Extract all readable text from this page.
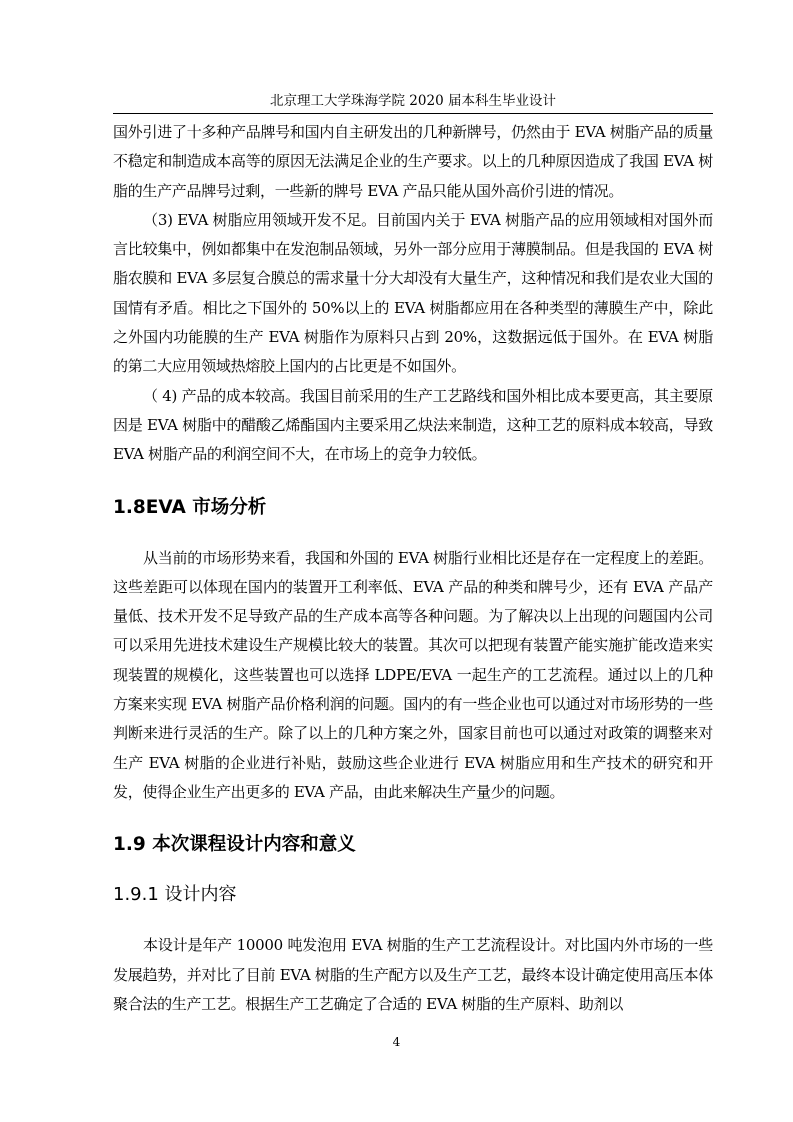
北京理工大学珠海学院 2020 届本科生毕业设计

国外引进了十多种产品牌号和国内自主研发出的几种新牌号，仍然由于 EVA 树脂产品的质量不稳定和制造成本高等的原因无法满足企业的生产要求。以上的几种原因造成了我国 EVA 树脂的生产产品牌号过剩，一些新的牌号 EVA 产品只能从国外高价引进的情况。

（3) EVA 树脂应用领域开发不足。目前国内关于 EVA 树脂产品的应用领域相对国外而言比较集中，例如都集中在发泡制品领域，另外一部分应用于薄膜制品。但是我国的 EVA 树脂农膜和 EVA 多层复合膜总的需求量十分大却没有大量生产，这种情况和我们是农业大国的国情有矛盾。相比之下国外的 50%以上的 EVA 树脂都应用在各种类型的薄膜生产中，除此之外国内功能膜的生产 EVA 树脂作为原料只占到 20%，这数据远低于国外。在 EVA 树脂的第二大应用领域热熔胶上国内的占比更是不如国外。

（ 4) 产品的成本较高。我国目前采用的生产工艺路线和国外相比成本要更高，其主要原因是 EVA 树脂中的醋酸乙烯酯国内主要采用乙炔法来制造，这种工艺的原料成本较高，导致 EVA 树脂产品的利润空间不大，在市场上的竞争力较低。

1.8EVA 市场分析

从当前的市场形势来看，我国和外国的 EVA 树脂行业相比还是存在一定程度上的差距。这些差距可以体现在国内的装置开工利率低、EVA 产品的种类和牌号少，还有 EVA 产品产量低、技术开发不足导致产品的生产成本高等各种问题。为了解决以上出现的问题国内公司可以采用先进技术建设生产规模比较大的装置。其次可以把现有装置产能实施扩能改造来实现装置的规模化，这些装置也可以选择 LDPE/EVA 一起生产的工艺流程。通过以上的几种方案来实现 EVA 树脂产品价格利润的问题。国内的有一些企业也可以通过对市场形势的一些判断来进行灵活的生产。除了以上的几种方案之外，国家目前也可以通过对政策的调整来对生产 EVA 树脂的企业进行补贴，鼓励这些企业进行 EVA 树脂应用和生产技术的研究和开发，使得企业生产出更多的 EVA 产品，由此来解决生产量少的问题。

1.9 本次课程设计内容和意义
1.9.1 设计内容

本设计是年产 10000 吨发泡用 EVA 树脂的生产工艺流程设计。对比国内外市场的一些发展趋势，并对比了目前 EVA 树脂的生产配方以及生产工艺，最终本设计确定使用高压本体聚合法的生产工艺。根据生产工艺确定了合适的 EVA 树脂的生产原料、助剂以

4
